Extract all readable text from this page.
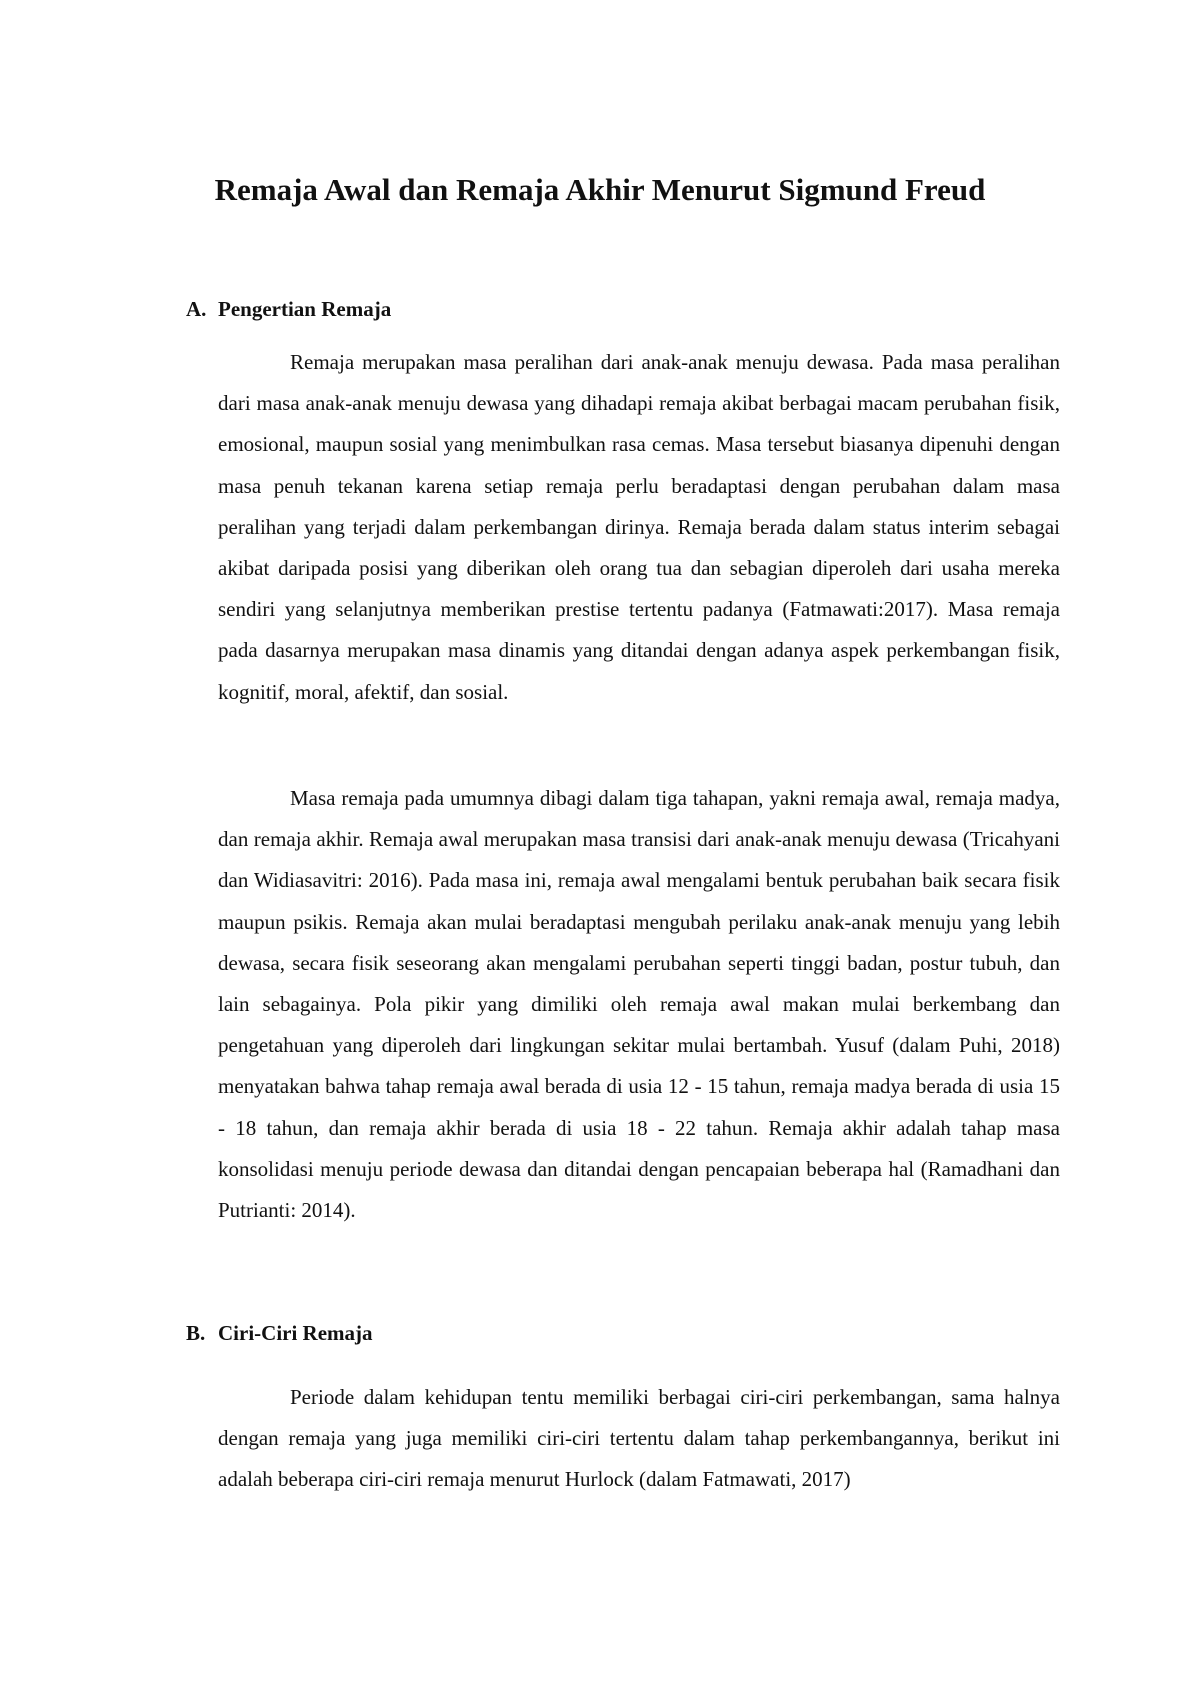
Remaja Awal dan Remaja Akhir Menurut Sigmund Freud
A. Pengertian Remaja

Remaja merupakan masa peralihan dari anak-anak menuju dewasa. Pada masa peralihan dari masa anak-anak menuju dewasa yang dihadapi remaja akibat berbagai macam perubahan fisik, emosional, maupun sosial yang menimbulkan rasa cemas. Masa tersebut biasanya dipenuhi dengan masa penuh tekanan karena setiap remaja perlu beradaptasi dengan perubahan dalam masa peralihan yang terjadi dalam perkembangan dirinya. Remaja berada dalam status interim sebagai akibat daripada posisi yang diberikan oleh orang tua dan sebagian diperoleh dari usaha mereka sendiri yang selanjutnya memberikan prestise tertentu padanya (Fatmawati:2017). Masa remaja pada dasarnya merupakan masa dinamis yang ditandai dengan adanya aspek perkembangan fisik, kognitif, moral, afektif, dan sosial.

Masa remaja pada umumnya dibagi dalam tiga tahapan, yakni remaja awal, remaja madya, dan remaja akhir. Remaja awal merupakan masa transisi dari anak-anak menuju dewasa (Tricahyani dan Widiasavitri: 2016). Pada masa ini, remaja awal mengalami bentuk perubahan baik secara fisik maupun psikis. Remaja akan mulai beradaptasi mengubah perilaku anak-anak menuju yang lebih dewasa, secara fisik seseorang akan mengalami perubahan seperti tinggi badan, postur tubuh, dan lain sebagainya. Pola pikir yang dimiliki oleh remaja awal makan mulai berkembang dan pengetahuan yang diperoleh dari lingkungan sekitar mulai bertambah. Yusuf (dalam Puhi, 2018) menyatakan bahwa tahap remaja awal berada di usia 12 - 15 tahun, remaja madya berada di usia 15 - 18 tahun, dan remaja akhir berada di usia 18 - 22 tahun. Remaja akhir adalah tahap masa konsolidasi menuju periode dewasa dan ditandai dengan pencapaian beberapa hal (Ramadhani dan Putrianti: 2014).

B. Ciri-Ciri Remaja

Periode dalam kehidupan tentu memiliki berbagai ciri-ciri perkembangan, sama halnya dengan remaja yang juga memiliki ciri-ciri tertentu dalam tahap perkembangannya, berikut ini adalah beberapa ciri-ciri remaja menurut Hurlock (dalam Fatmawati, 2017)
